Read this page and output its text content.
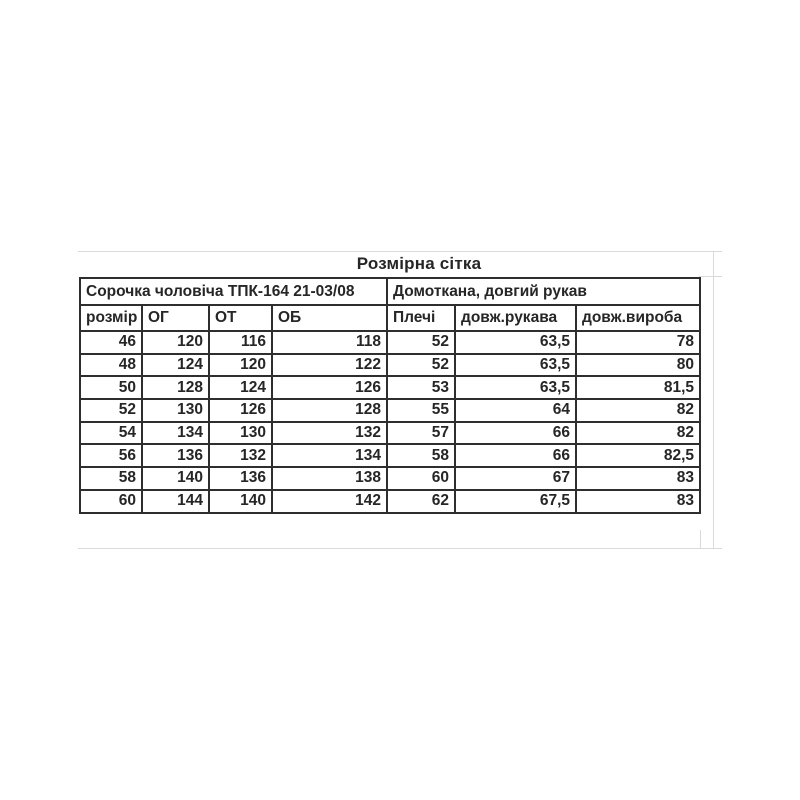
Розмірна сітка
Сорочка чоловіча ТПК-164 21-03/08				Домоткана, довгий рукав		
розмір	ОГ	ОТ	ОБ	Плечі	довж.рукава	довж.вироба
46	120	116	118	52	63,5	78
48	124	120	122	52	63,5	80
50	128	124	126	53	63,5	81,5
52	130	126	128	55	64	82
54	134	130	132	57	66	82
56	136	132	134	58	66	82,5
58	140	136	138	60	67	83
60	144	140	142	62	67,5	83
